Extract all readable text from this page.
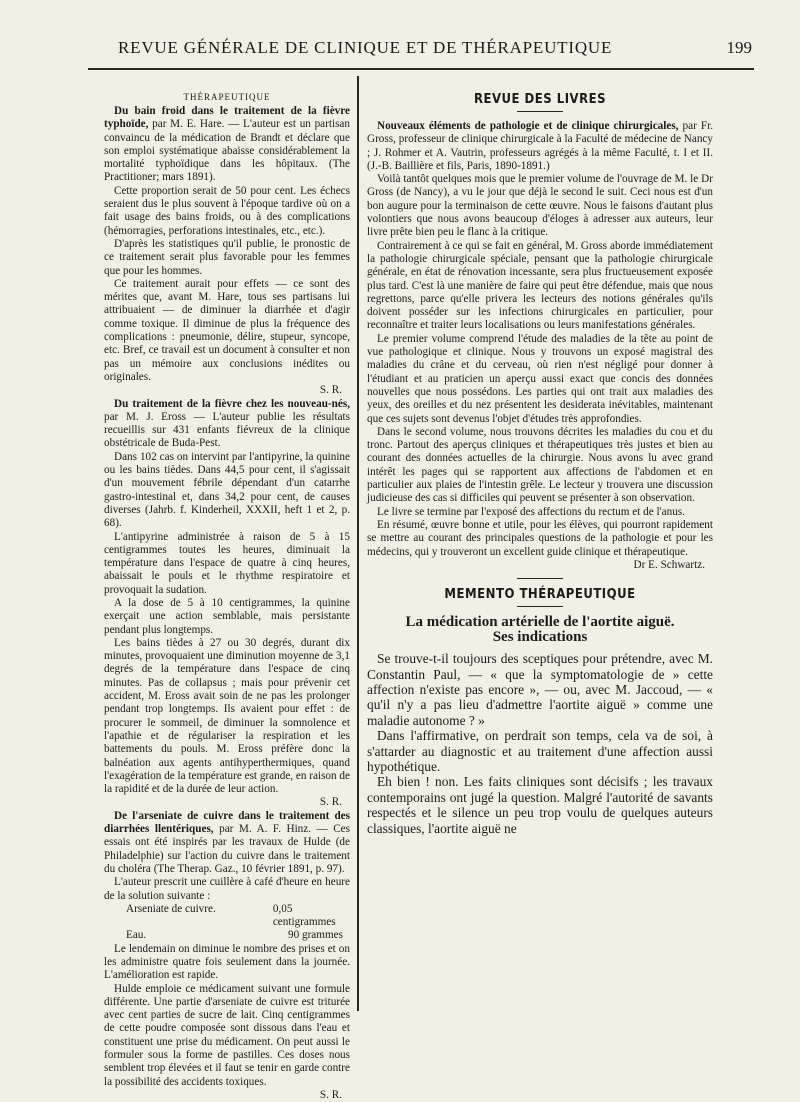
REVUE GÉNÉRALE DE CLINIQUE ET DE THÉRAPEUTIQUE	199
THÉRAPEUTIQUE

Du bain froid dans le traitement de la fièvre typhoïde, par M. E. Hare. — L'auteur est un partisan convaincu de la médication de Brandt et déclare que son emploi systématique abaisse considérablement la mortalité typhoïdique dans les hôpitaux. (The Practitioner; mars 1891).

Cette proportion serait de 50 pour cent. Les échecs seraient dus le plus souvent à l'époque tardive où on a fait usage des bains froids, ou à des complications (hémorragies, perforations intestinales, etc., etc.).

D'après les statistiques qu'il publie, le pronostic de ce traitement serait plus favorable pour les femmes que pour les hommes.

Ce traitement aurait pour effets — ce sont des mérites que, avant M. Hare, tous ses partisans lui attribuaient — de diminuer la diarrhée et d'agir comme toxique. Il diminue de plus la fréquence des complications : pneumonie, délire, stupeur, syncope, etc. Bref, ce travail est un document à consulter et non pas un mémoire aux conclusions inédites ou originales.

S. R.

Du traitement de la fièvre chez les nouveau-nés, par M. J. Eross — L'auteur publie les résultats recueillis sur 431 enfants fiévreux de la clinique obstétricale de Buda-Pest.

Dans 102 cas on intervint par l'antipyrine, la quinine ou les bains tièdes. Dans 44,5 pour cent, il s'agissait d'un mouvement fébrile dépendant d'un catarrhe gastro-intestinal et, dans 34,2 pour cent, de causes diverses (Jahrb. f. Kinderheil, XXXII, heft 1 et 2, p. 68).

L'antipyrine administrée à raison de 5 à 15 centigrammes toutes les heures, diminuait la température dans l'espace de quatre à cinq heures, abaissait le pouls et le rhythme respiratoire et provoquait la sudation.

A la dose de 5 à 10 centigrammes, la quinine exerçait une action semblable, mais persistante pendant plus longtemps.

Les bains tièdes à 27 ou 30 degrés, durant dix minutes, provoquaient une diminution moyenne de 3,1 degrés de la température dans l'espace de cinq minutes. Pas de collapsus ; mais pour prévenir cet accident, M. Eross avait soin de ne pas les prolonger pendant trop longtemps. Ils avaient pour effet : de procurer le sommeil, de diminuer la somnolence et l'apathie et de régulariser la respiration et les battements du pouls. M. Eross préfère donc la balnéation aux agents antihyperthermiques, quand l'exagération de la température est grande, en raison de la rapidité et de la durée de leur action.

S. R.

De l'arseniate de cuivre dans le traitement des diarrhées llentériques, par M. A. F. Hinz. — Ces essais ont été inspirés par les travaux de Hulde (de Philadelphie) sur l'action du cuivre dans le traitement du choléra (The Therap. Gaz., 10 février 1891, p. 97).

L'auteur prescrit une cuillère à café d'heure en heure de la solution suivante :

Arseniate de cuivre.	0,05 centigrammes
Eau.	90 grammes

Le lendemain on diminue le nombre des prises et on les administre quatre fois seulement dans la journée. L'amélioration est rapide.

Hulde emploie ce médicament suivant une formule différente. Une partie d'arseniate de cuivre est triturée avec cent parties de sucre de lait. Cinq centigrammes de cette poudre composée sont dissous dans l'eau et constituent une prise du médicament. On peut aussi le formuler sous la forme de pastilles. Ces doses nous semblent trop élevées et il faut se tenir en garde contre la possibilité des accidents toxiques.

S. R.
REVUE DES LIVRES

Nouveaux éléments de pathologie et de clinique chirurgicales, par Fr. Gross, professeur de clinique chirurgicale à la Faculté de médecine de Nancy ; J. Rohmer et A. Vautrin, professeurs agrégés à la même Faculté, t. I et II. (J.-B. Baillière et fils, Paris, 1890-1891.)

Voilà tantôt quelques mois que le premier volume de l'ouvrage de M. le Dr Gross (de Nancy), a vu le jour que déjà le second le suit. Ceci nous est d'un bon augure pour la terminaison de cette œuvre. Nous le faisons d'autant plus volontiers que nous avons beaucoup d'éloges à adresser aux auteurs, leur livre prête bien peu le flanc à la critique.

Contrairement à ce qui se fait en général, M. Gross aborde immédiatement la pathologie chirurgicale spéciale, pensant que la pathologie chirurgicale générale, en état de rénovation incessante, sera plus fructueusement exposée plus tard. C'est là une manière de faire qui peut être défendue, mais que nous regrettons, parce qu'elle privera les lecteurs des notions générales qu'ils doivent posséder sur les infections chirurgicales en particulier, pour reconnaître et traiter leurs localisations ou leurs manifestations générales.

Le premier volume comprend l'étude des maladies de la tête au point de vue pathologique et clinique. Nous y trouvons un exposé magistral des maladies du crâne et du cerveau, où rien n'est négligé pour donner à l'étudiant et au praticien un aperçu aussi exact que concis des données nouvelles que nous possédons. Les parties qui ont trait aux maladies des yeux, des oreilles et du nez présentent les desiderata inévitables, maintenant que ces sujets sont devenus l'objet d'études très approfondies.

Dans le second volume, nous trouvons décrites les maladies du cou et du tronc. Partout des aperçus cliniques et thérapeutiques très justes et bien au courant des données actuelles de la chirurgie. Nous avons lu avec grand intérêt les pages qui se rapportent aux affections de l'abdomen et en particulier aux plaies de l'intestin grêle. Le lecteur y trouvera une discussion judicieuse des cas si difficiles qui peuvent se présenter à son observation.

Le livre se termine par l'exposé des affections du rectum et de l'anus.

En résumé, œuvre bonne et utile, pour les élèves, qui pourront rapidement se mettre au courant des principales questions de la pathologie et pour les médecins, qui y trouveront un excellent guide clinique et thérapeutique.

Dr E. Schwartz.
MEMENTO THÉRAPEUTIQUE
La médication artérielle de l'aortite aiguë.
Ses indications

Se trouve-t-il toujours des sceptiques pour prétendre, avec M. Constantin Paul, — « que la symptomatologie de » cette affection n'existe pas encore », — ou, avec M. Jaccoud, — « qu'il n'y a pas lieu d'admettre l'aortite aiguë » comme une maladie autonome ? »

Dans l'affirmative, on perdrait son temps, cela va de soi, à s'attarder au diagnostic et au traitement d'une affection aussi hypothétique.

Eh bien ! non. Les faits cliniques sont décisifs ; les travaux contemporains ont jugé la question. Malgré l'autorité de savants respectés et le silence un peu trop voulu de quelques auteurs classiques, l'aortite aiguë ne
